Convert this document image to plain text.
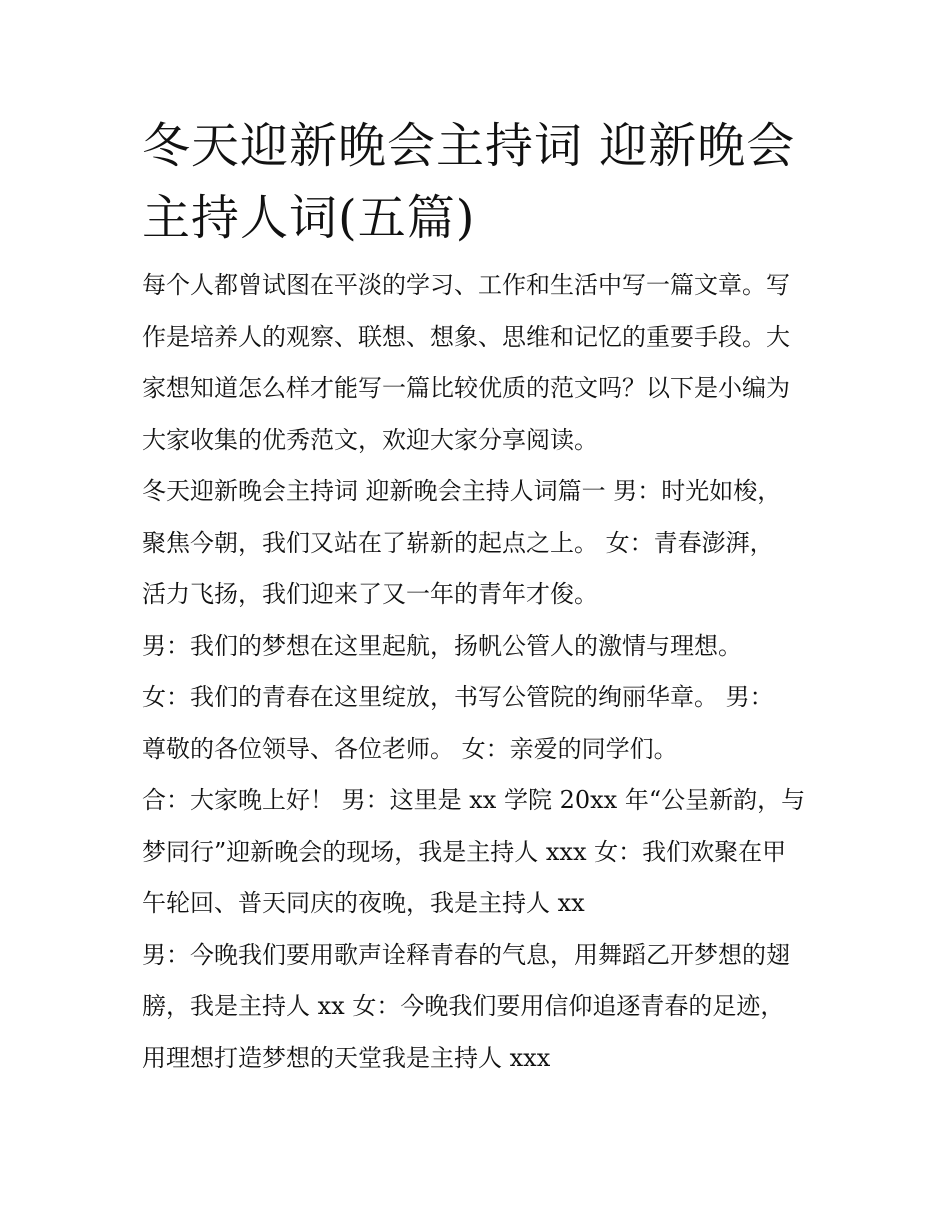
冬天迎新晚会主持词 迎新晚会
主持人词(五篇)
每个人都曾试图在平淡的学习、工作和生活中写一篇文章。写
作是培养人的观察、联想、想象、思维和记忆的重要手段。大
家想知道怎么样才能写一篇比较优质的范文吗？以下是小编为
大家收集的优秀范文，欢迎大家分享阅读。
冬天迎新晚会主持词 迎新晚会主持人词篇一 男：时光如梭，
聚焦今朝，我们又站在了崭新的起点之上。 女：青春澎湃，
活力飞扬，我们迎来了又一年的青年才俊。
男：我们的梦想在这里起航，扬帆公管人的激情与理想。
女：我们的青春在这里绽放，书写公管院的绚丽华章。 男：
尊敬的各位领导、各位老师。 女：亲爱的同学们。
合：大家晚上好！ 男：这里是 xx 学院 20xx 年“公呈新韵，与
梦同行”迎新晚会的现场，我是主持人 xxx 女：我们欢聚在甲
午轮回、普天同庆的夜晚，我是主持人 xx
男：今晚我们要用歌声诠释青春的气息，用舞蹈乙开梦想的翅
膀，我是主持人 xx 女：今晚我们要用信仰追逐青春的足迹，
用理想打造梦想的天堂我是主持人 xxx
